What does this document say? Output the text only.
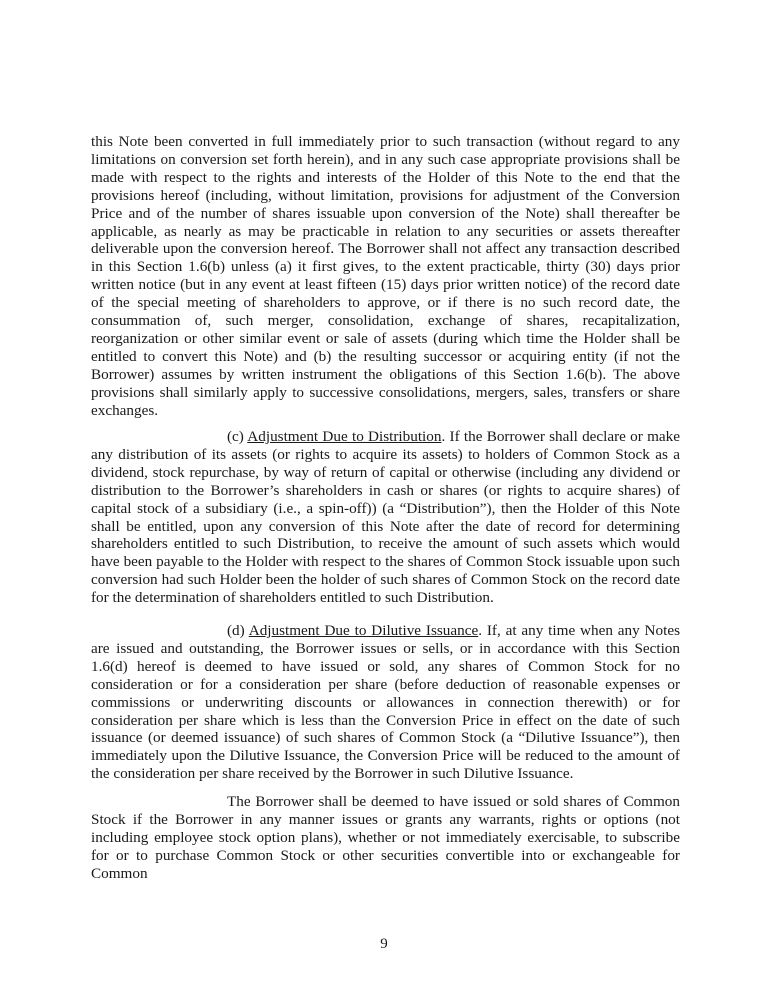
this Note been converted in full immediately prior to such transaction (without regard to any limitations on conversion set forth herein), and in any such case appropriate provisions shall be made with respect to the rights and interests of the Holder of this Note to the end that the provisions hereof (including, without limitation, provisions for adjustment of the Conversion Price and of the number of shares issuable upon conversion of the Note) shall thereafter be applicable, as nearly as may be practicable in relation to any securities or assets thereafter deliverable upon the conversion hereof. The Borrower shall not affect any transaction described in this Section 1.6(b) unless (a) it first gives, to the extent practicable, thirty (30) days prior written notice (but in any event at least fifteen (15) days prior written notice) of the record date of the special meeting of shareholders to approve, or if there is no such record date, the consummation of, such merger, consolidation, exchange of shares, recapitalization, reorganization or other similar event or sale of assets (during which time the Holder shall be entitled to convert this Note) and (b) the resulting successor or acquiring entity (if not the Borrower) assumes by written instrument the obligations of this Section 1.6(b). The above provisions shall similarly apply to successive consolidations, mergers, sales, transfers or share exchanges.

(c) Adjustment Due to Distribution. If the Borrower shall declare or make any distribution of its assets (or rights to acquire its assets) to holders of Common Stock as a dividend, stock repurchase, by way of return of capital or otherwise (including any dividend or distribution to the Borrower’s shareholders in cash or shares (or rights to acquire shares) of capital stock of a subsidiary (i.e., a spin-off)) (a “Distribution”), then the Holder of this Note shall be entitled, upon any conversion of this Note after the date of record for determining shareholders entitled to such Distribution, to receive the amount of such assets which would have been payable to the Holder with respect to the shares of Common Stock issuable upon such conversion had such Holder been the holder of such shares of Common Stock on the record date for the determination of shareholders entitled to such Distribution.

(d) Adjustment Due to Dilutive Issuance. If, at any time when any Notes are issued and outstanding, the Borrower issues or sells, or in accordance with this Section 1.6(d) hereof is deemed to have issued or sold, any shares of Common Stock for no consideration or for a consideration per share (before deduction of reasonable expenses or commissions or underwriting discounts or allowances in connection therewith) or for consideration per share which is less than the Conversion Price in effect on the date of such issuance (or deemed issuance) of such shares of Common Stock (a “Dilutive Issuance”), then immediately upon the Dilutive Issuance, the Conversion Price will be reduced to the amount of the consideration per share received by the Borrower in such Dilutive Issuance.

The Borrower shall be deemed to have issued or sold shares of Common Stock if the Borrower in any manner issues or grants any warrants, rights or options (not including employee stock option plans), whether or not immediately exercisable, to subscribe for or to purchase Common Stock or other securities convertible into or exchangeable for Common

9
